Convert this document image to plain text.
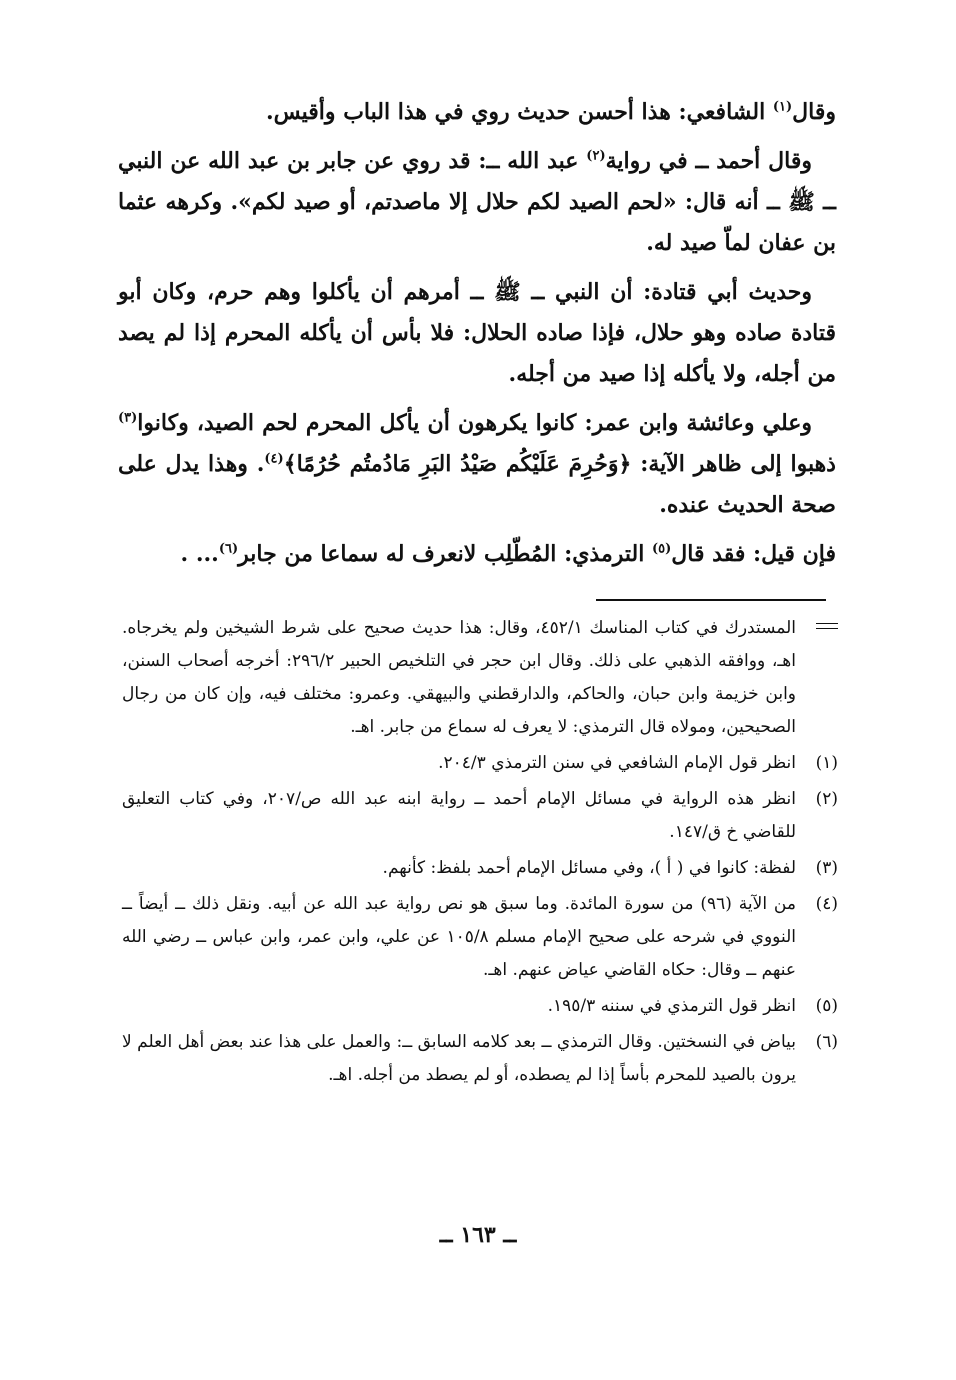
وقال$^{(١)}$ الشافعي: هذا أحسن حديث روي في هذا الباب وأقيس.

وقال أحمد ــ في رواية$^{(٢)}$ عبد الله ــ: قد روي عن جابر بن عبد الله عن النبي ــ ﷺ ــ أنه قال: «لحم الصيد لكم حلال إلا ماصدتم، أو صيد لكم». وكرهه عثما بن عفان لماّ صيد له.

وحديث أبي قتادة: أن النبي ــ ﷺ ــ أمرهم أن يأكلوا وهم حرم، وكان أبو قتادة صاده وهو حلال، فإذا صاده الحلال: فلا بأس أن يأكله المحرم إذا لم يصد من أجله، ولا يأكله إذا صيد من أجله.

وعلي وعائشة وابن عمر: كانوا يكرهون أن يأكل المحرم لحم الصيد، وكانوا$^{(٣)}$ ذهبوا إلى ظاهر الآية: ﴿وَحُرِمَ عَلَيْكُم صَيْدُ البَرِ مَادُمتُم حُرُمًا﴾$^{(٤)}$. وهذا يدل على صحة الحديث عنده.

فإن قيل: فقد قال$^{(٥)}$ الترمذي: المُطّلِب لانعرف له سماعا من جابر$^{(٦)}$... .

المستدرك في كتاب المناسك ٤٥٢/١، وقال: هذا حديث صحيح على شرط الشيخين ولم يخرجاه. اهـ، ووافقه الذهبي على ذلك. وقال ابن حجر في التلخيص الحبير ٢٩٦/٢: أخرجه أصحاب السنن، وابن خزيمة وابن حبان، والحاكم، والدارقطني والبيهقي. وعمرو: مختلف فيه، وإن كان من رجال الصحيحين، ومولاه قال الترمذي: لا يعرف له سماع من جابر. اهـ.
(١)
انظر قول الإمام الشافعي في سنن الترمذي ٢٠٤/٣.
(٢)
انظر هذه الرواية في مسائل الإمام أحمد ــ رواية ابنه عبد الله ص/٢٠٧، وفي كتاب التعليق للقاضي خ ق/١٤٧.
(٣)
لفظة: كانوا في ( أ )، وفي مسائل الإمام أحمد بلفظ: كأنهم.
(٤)
من الآية (٩٦) من سورة المائدة. وما سبق هو نص رواية عبد الله عن أبيه. ونقل ذلك ــ أيضاً ــ النووي في شرحه على صحيح الإمام مسلم ١٠٥/٨ عن علي، وابن عمر، وابن عباس ــ رضي الله عنهم ــ وقال: حكاه القاضي عياض عنهم. اهـ.
(٥)
انظر قول الترمذي في سننه ١٩٥/٣.
(٦)
بياض في النسختين. وقال الترمذي ــ بعد كلامه السابق ــ: والعمل على هذا عند بعض أهل العلم لا يرون بالصيد للمحرم بأساً إذا لم يصطده، أو لم يصطد من أجله. اهـ.
ــ ١٦٣ ــ
